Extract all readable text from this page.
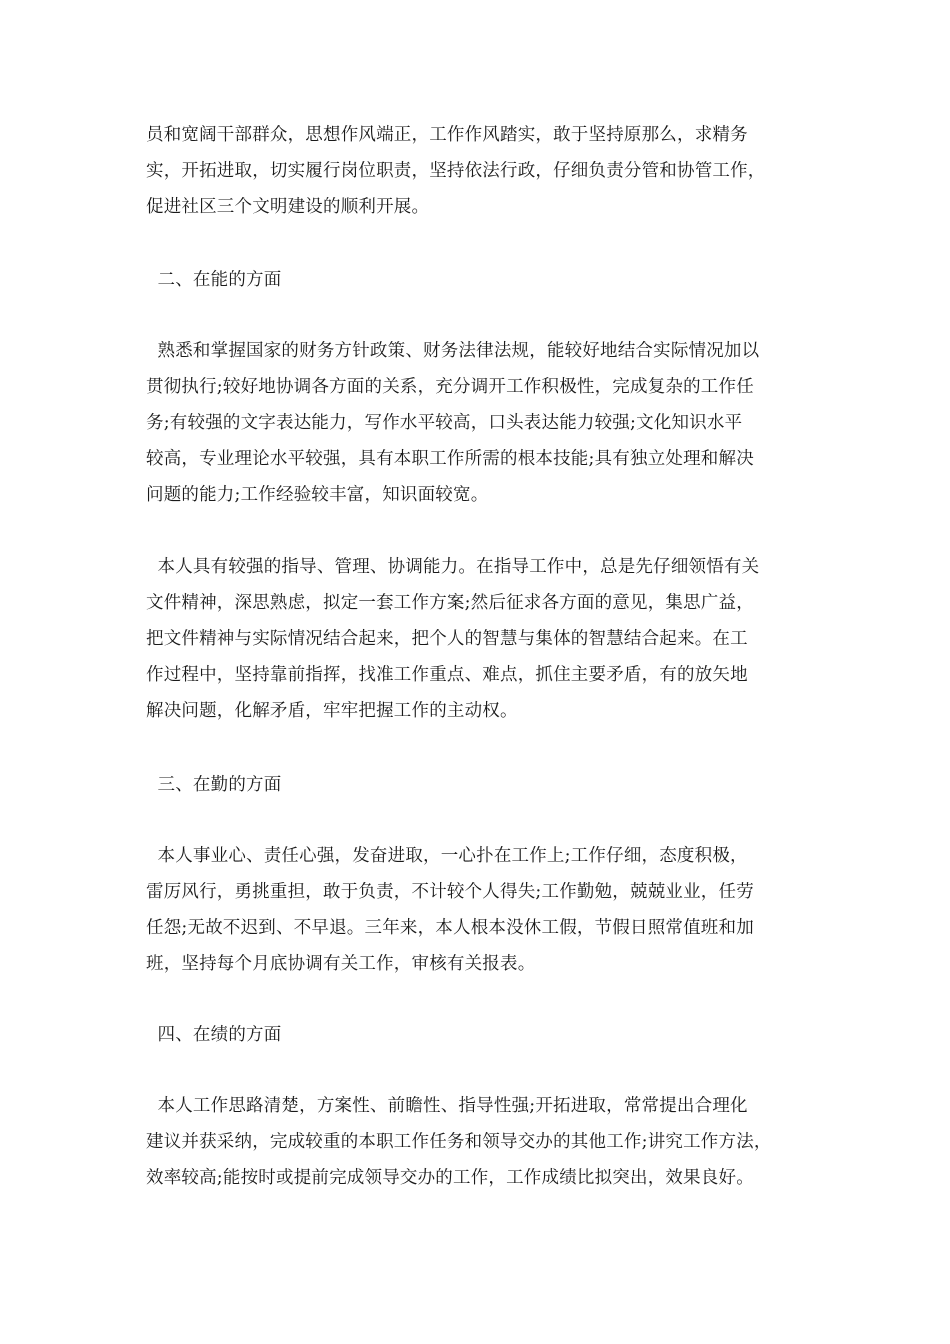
员和宽阔干部群众，思想作风端正，工作作风踏实，敢于坚持原那么，求精务
实，开拓进取，切实履行岗位职责，坚持依法行政，仔细负责分管和协管工作，
促进社区三个文明建设的顺利开展。
二、在能的方面
熟悉和掌握国家的财务方针政策、财务法律法规，能较好地结合实际情况加以
贯彻执行;较好地协调各方面的关系，充分调开工作积极性，完成复杂的工作任
务;有较强的文字表达能力，写作水平较高，口头表达能力较强;文化知识水平
较高，专业理论水平较强，具有本职工作所需的根本技能;具有独立处理和解决
问题的能力;工作经验较丰富，知识面较宽。
本人具有较强的指导、管理、协调能力。在指导工作中，总是先仔细领悟有关
文件精神，深思熟虑，拟定一套工作方案;然后征求各方面的意见，集思广益，
把文件精神与实际情况结合起来，把个人的智慧与集体的智慧结合起来。在工
作过程中，坚持靠前指挥，找准工作重点、难点，抓住主要矛盾，有的放矢地
解决问题，化解矛盾，牢牢把握工作的主动权。
三、在勤的方面
本人事业心、责任心强，发奋进取，一心扑在工作上;工作仔细，态度积极，
雷厉风行，勇挑重担，敢于负责，不计较个人得失;工作勤勉，兢兢业业，任劳
任怨;无故不迟到、不早退。三年来，本人根本没休工假，节假日照常值班和加
班，坚持每个月底协调有关工作，审核有关报表。
四、在绩的方面
本人工作思路清楚，方案性、前瞻性、指导性强;开拓进取，常常提出合理化
建议并获采纳，完成较重的本职工作任务和领导交办的其他工作;讲究工作方法，
效率较高;能按时或提前完成领导交办的工作，工作成绩比拟突出，效果良好。
